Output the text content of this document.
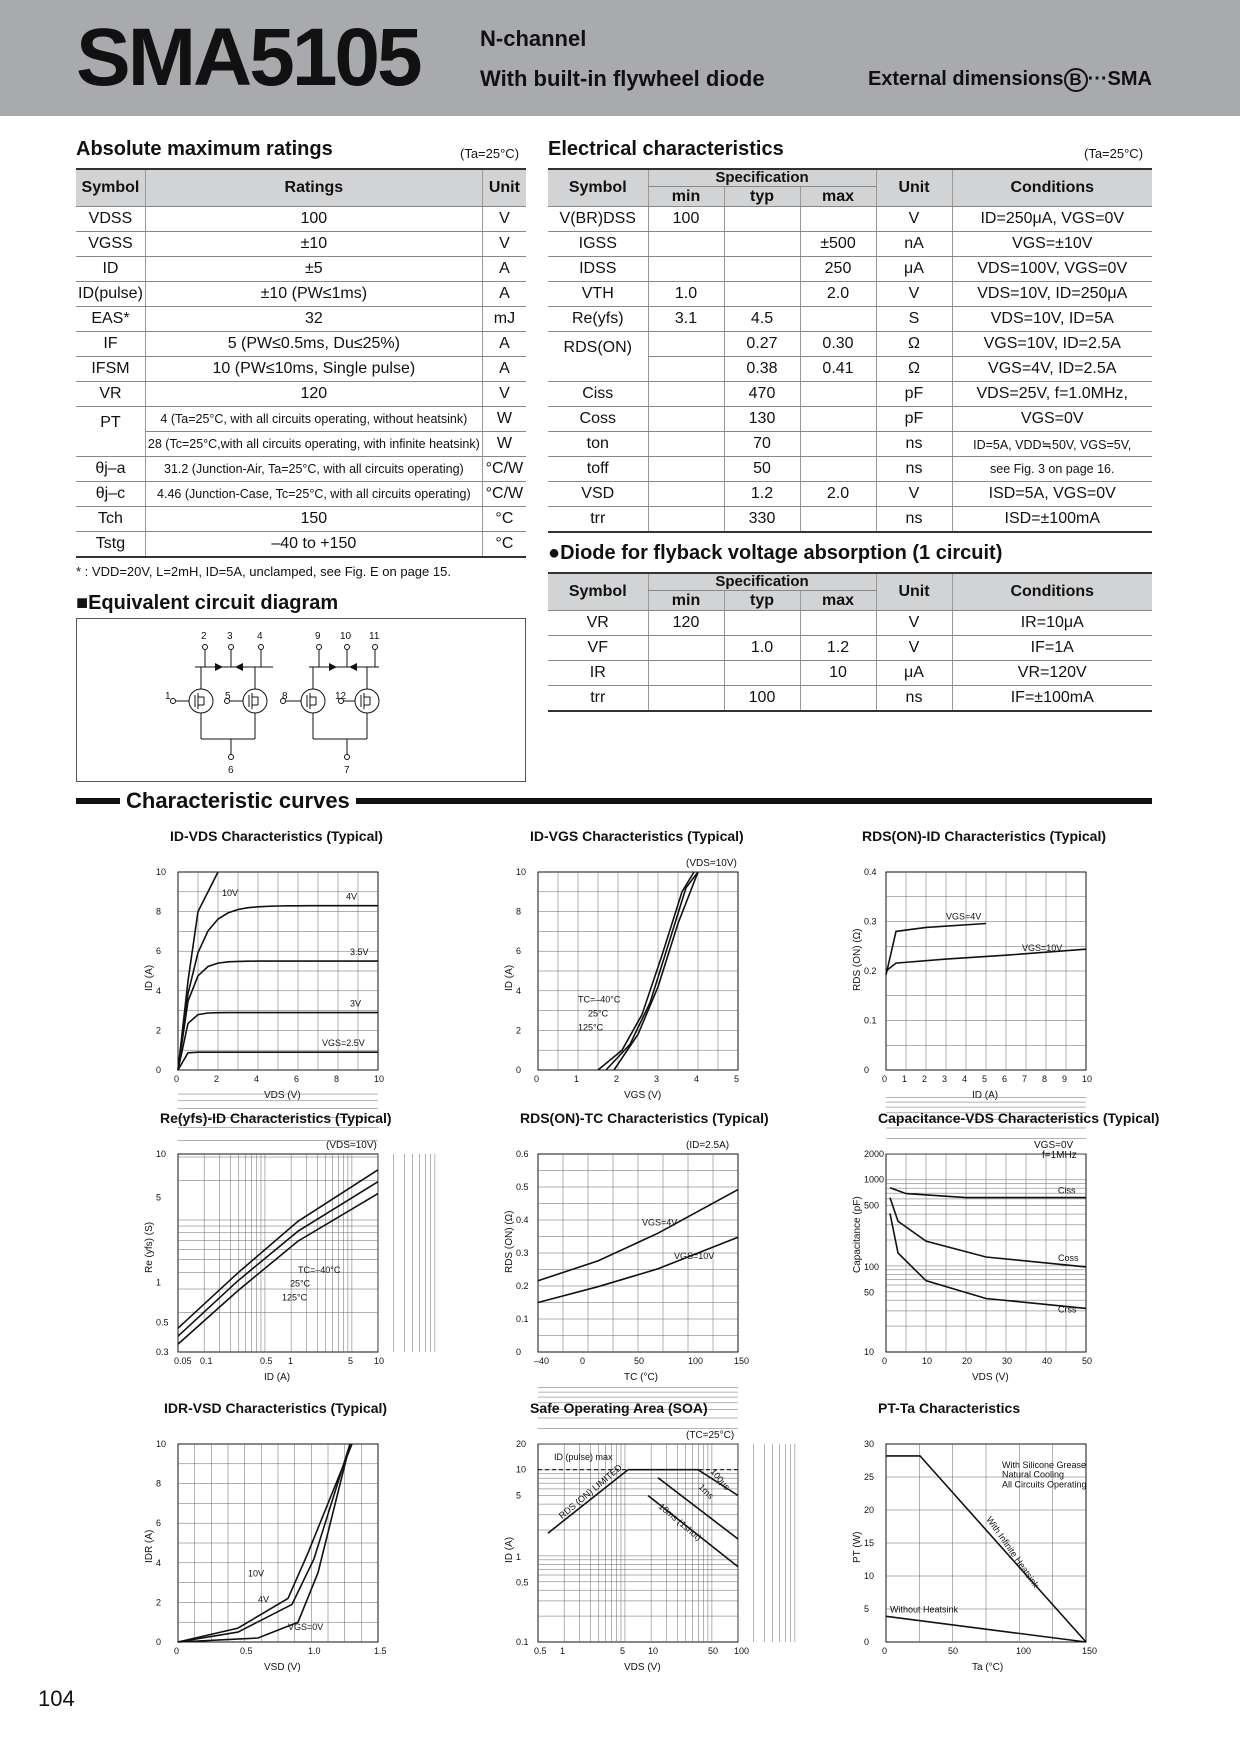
SMA5105	N-channel
With built-in flywheel diode	External dimensions B ···SMA
Absolute maximum ratings	(Ta=25°C)
Symbol	Ratings	Unit
VDSS	100	V
VGSS	±10	V
ID	±5	A
ID(pulse)	±10 (PW≤1ms)	A
EAS*	32	mJ
IF	5 (PW≤0.5ms, Du≤25%)	A
IFSM	10 (PW≤10ms, Single pulse)	A
VR	120	V
PT	4 (Ta=25°C, with all circuits operating, without heatsink)	W
	28 (Tc=25°C,with all circuits operating, with infinite heatsink)	W
θj–a	31.2 (Junction-Air, Ta=25°C, with all circuits operating)	°C/W
θj–c	4.46 (Junction-Case, Tc=25°C, with all circuits operating)	°C/W
Tch	150	°C
Tstg	–40 to +150	°C
* : VDD=20V, L=2mH, ID=5A, unclamped, see Fig. E on page 15.
■Equivalent circuit diagram
2 3 4	9 10 11
1	5	8	12
6	7
Electrical characteristics	(Ta=25°C)
Symbol	Specification			Unit	Conditions
	min	typ	max		
V(BR)DSS	100			V	ID=250μA, VGS=0V
IGSS			±500	nA	VGS=±10V
IDSS			250	μA	VDS=100V, VGS=0V
VTH	1.0		2.0	V	VDS=10V, ID=250μA
Re(yfs)	3.1	4.5		S	VDS=10V, ID=5A
RDS(ON)		0.27	0.30	Ω	VGS=10V, ID=2.5A
		0.38	0.41	Ω	VGS=4V, ID=2.5A
Ciss		470		pF	VDS=25V, f=1.0MHz,
Coss		130		pF	VGS=0V
ton		70		ns	ID=5A, VDD≒50V, VGS=5V,
toff		50		ns	see Fig. 3 on page 16.
VSD		1.2	2.0	V	ISD=5A, VGS=0V
trr		330		ns	ISD=±100mA
●Diode for flyback voltage absorption (1 circuit)
Symbol	Specification			Unit	Conditions
	min	typ	max		
VR	120			V	IR=10μA
VF		1.0	1.2	V	IF=1A
IR			10	μA	VR=120V
trr		100		ns	IF=±100mA
Characteristic curves
0	2	4	6	8	10
0
2
4
6
8
10
VDS (V)
ID (A)
10V	4V
3.5V
3V
VGS=2.5V
ID-VDS Characteristics (Typical)
0	1	2	3	4	5
0
2
4
6
8
10
VGS (V)
ID (A)
(VDS=10V)
TC=–40°C
25°C
125°C
ID-VGS Characteristics (Typical)
0 1 2 3 4 5 6 7 8 9 10
0
0.1
0.2
0.3
0.4
ID (A)
RDS (ON) (Ω)
VGS=4V
VGS=10V
RDS(ON)-ID Characteristics (Typical)
0.05 0.1	0.5 1	5 10
0.3
0.5
1
5
10
ID (A)
Re (yfs) (S)
(VDS=10V)
TC=–40°C
25°C
125°C
Re(yfs)-ID Characteristics (Typical)
–40	0	50	100	150
0
0.1
0.2
0.3
0.4
0.5
0.6
TC (°C)
RDS (ON) (Ω)
(ID=2.5A)
VGS=4V
VGS=10V
RDS(ON)-TC Characteristics (Typical)
0	10	20	30	40	50
10
50
100
500
1000
2000
VDS (V)
Capacitance (pF)
VGS=0V
f=1MHz
Ciss
Coss
Crss
Capacitance-VDS Characteristics (Typical)
0	0.5	1.0	1.5
0
2
4
6
8
10
VSD (V)
IDR (A)
10V
4V
VGS=0V
IDR-VSD Characteristics (Typical)
0.5 1	5	10	50 100
0.1
0.5
1
5
10
20
VDS (V)
ID (A)
(TC=25°C)
ID (pulse) max
RDS (ON) LIMITED	100μs
1ms
10ms (1shot)
Safe Operating Area (SOA)
0	50	100	150
0
5
10
15
20
25
30
Ta (°C)
PT (W)
With Silicone Grease
Natural Cooling
All Circuits Operating
With Infinite Heatsink
Without Heatsink
PT-Ta Characteristics
104
